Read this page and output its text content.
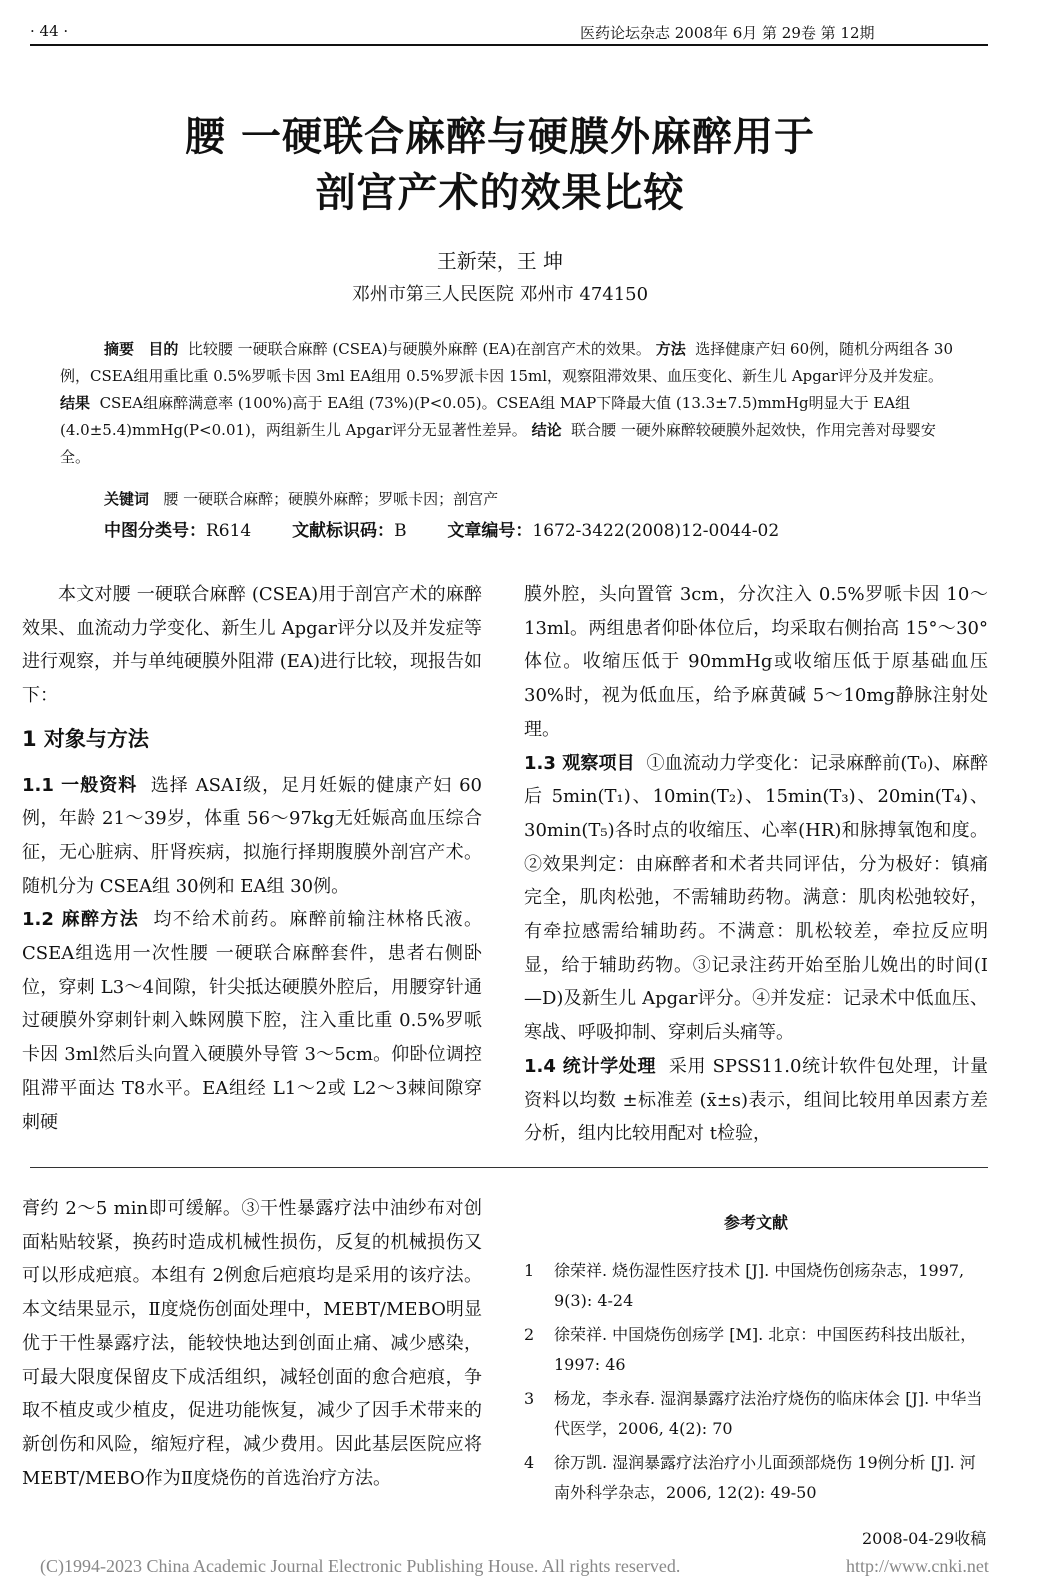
· 44 ·	医药论坛杂志 2008年 6月 第 29卷 第 12期
腰 一硬联合麻醉与硬膜外麻醉用于
剖宫产术的效果比较
王新荣，王 坤
邓州市第三人民医院 邓州市 474150

摘要 目的 比较腰 一硬联合麻醉 (CSEA)与硬膜外麻醉 (EA)在剖宫产术的效果。 方法 选择健康产妇 60例，随机分两组各 30例，CSEA组用重比重 0.5%罗哌卡因 3ml EA组用 0.5%罗派卡因 15ml，观察阻滞效果、血压变化、新生儿 Apgar评分及并发症。 结果 CSEA组麻醉满意率 (100%)高于 EA组 (73%)(P<0.05)。CSEA组 MAP下降最大值 (13.3±7.5)mmHg明显大于 EA组 (4.0±5.4)mmHg(P<0.01)，两组新生儿 Apgar评分无显著性差异。 结论 联合腰 一硬外麻醉较硬膜外起效快，作用完善对母婴安全。

关键词 腰 一硬联合麻醉；硬膜外麻醉；罗哌卡因；剖宫产
中图分类号：R614 文献标识码：B 文章编号：1672-3422(2008)12-0044-02

本文对腰 一硬联合麻醉 (CSEA)用于剖宫产术的麻醉效果、血流动力学变化、新生儿 Apgar评分以及并发症等进行观察，并与单纯硬膜外阻滞 (EA)进行比较，现报告如下：

1 对象与方法

1.1 一般资料 选择 ASAⅠ级，足月妊娠的健康产妇 60例，年龄 21～39岁，体重 56～97kg无妊娠高血压综合征，无心脏病、肝肾疾病，拟施行择期腹膜外剖宫产术。随机分为 CSEA组 30例和 EA组 30例。

1.2 麻醉方法 均不给术前药。麻醉前输注林格氏液。CSEA组选用一次性腰 一硬联合麻醉套件，患者右侧卧位，穿刺 L3～4间隙，针尖抵达硬膜外腔后，用腰穿针通过硬膜外穿刺针刺入蛛网膜下腔，注入重比重 0.5%罗哌卡因 3ml然后头向置入硬膜外导管 3～5cm。仰卧位调控阻滞平面达 T8水平。EA组经 L1～2或 L2～3棘间隙穿刺硬

膜外腔，头向置管 3cm，分次注入 0.5%罗哌卡因 10～13ml。两组患者仰卧体位后，均采取右侧抬高 15°～30°体位。收缩压低于 90mmHg或收缩压低于原基础血压 30%时，视为低血压，给予麻黄碱 5～10mg静脉注射处理。

1.3 观察项目 ①血流动力学变化：记录麻醉前(T₀)、麻醉后 5min(T₁)、10min(T₂)、15min(T₃)、20min(T₄)、30min(T₅)各时点的收缩压、心率(HR)和脉搏氧饱和度。②效果判定：由麻醉者和术者共同评估，分为极好：镇痛完全，肌肉松弛，不需辅助药物。满意：肌肉松弛较好，有牵拉感需给辅助药。不满意：肌松较差，牵拉反应明显，给于辅助药物。③记录注药开始至胎儿娩出的时间(I—D)及新生儿 Apgar评分。④并发症：记录术中低血压、寒战、呼吸抑制、穿刺后头痛等。

1.4 统计学处理 采用 SPSS11.0统计软件包处理，计量资料以均数 ±标准差 (x̄±s)表示，组间比较用单因素方差分析，组内比较用配对 t检验，

膏约 2～5 min即可缓解。③干性暴露疗法中油纱布对创面粘贴较紧，换药时造成机械性损伤，反复的机械损伤又可以形成疤痕。本组有 2例愈后疤痕均是采用的该疗法。本文结果显示，Ⅱ度烧伤创面处理中，MEBT/MEBO明显优于干性暴露疗法，能较快地达到创面止痛、减少感染，可最大限度保留皮下成活组织，减轻创面的愈合疤痕，争取不植皮或少植皮，促进功能恢复，减少了因手术带来的新创伤和风险，缩短疗程，减少费用。因此基层医院应将 MEBT/MEBO作为Ⅱ度烧伤的首选治疗方法。

参考文献
1 徐荣祥. 烧伤湿性医疗技术 [J]. 中国烧伤创疡杂志，1997, 9(3): 4-24
2 徐荣祥. 中国烧伤创疡学 [M]. 北京：中国医药科技出版社，1997: 46
3 杨龙，李永春. 湿润暴露疗法治疗烧伤的临床体会 [J]. 中华当代医学，2006, 4(2): 70
4 徐万凯. 湿润暴露疗法治疗小儿面颈部烧伤 19例分析 [J]. 河南外科学杂志，2006, 12(2): 49-50
2008-04-29收稿
(C)1994-2023 China Academic Journal Electronic Publishing House. All rights reserved.	http://www.cnki.net
